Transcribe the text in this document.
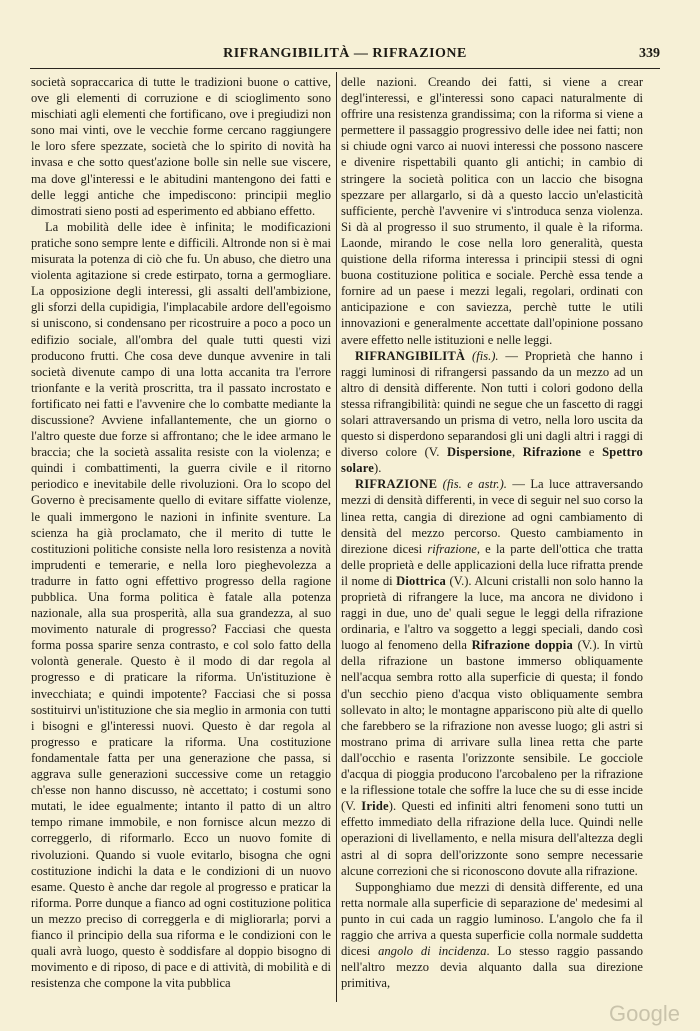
RIFRANGIBILITÀ — RIFRAZIONE	339

società sopraccarica di tutte le tradizioni buone o cattive, ove gli elementi di corruzione e di scioglimento sono mischiati agli elementi che fortificano, ove i pregiudizi non sono mai vinti, ove le vecchie forme cercano raggiungere le loro sfere spezzate, società che lo spirito di novità ha invasa e che sotto quest'azione bolle sin nelle sue viscere, ma dove gl'interessi e le abitudini mantengono dei fatti e delle leggi antiche che impediscono: principii meglio dimostrati sieno posti ad esperimento ed abbiano effetto.

La mobilità delle idee è infinita; le modificazioni pratiche sono sempre lente e difficili. Altronde non si è mai misurata la potenza di ciò che fu. Un abuso, che dietro una violenta agitazione si crede estirpato, torna a germogliare. La opposizione degli interessi, gli assalti dell'ambizione, gli sforzi della cupidigia, l'implacabile ardore dell'egoismo si uniscono, si condensano per ricostruire a poco a poco un edifizio sociale, all'ombra del quale tutti questi vizi producono frutti. Che cosa deve dunque avvenire in tali società divenute campo di una lotta accanita tra l'errore trionfante e la verità proscritta, tra il passato incrostato e fortificato nei fatti e l'avvenire che lo combatte mediante la discussione? Avviene infallantemente, che un giorno o l'altro queste due forze si affrontano; che le idee armano le braccia; che la società assalita resiste con la violenza; e quindi i combattimenti, la guerra civile e il ritorno periodico e inevitabile delle rivoluzioni. Ora lo scopo del Governo è precisamente quello di evitare siffatte violenze, le quali immergono le nazioni in infinite sventure. La scienza ha già proclamato, che il merito di tutte le costituzioni politiche consiste nella loro resistenza a novità imprudenti e temerarie, e nella loro pieghevolezza a tradurre in fatto ogni effettivo progresso della ragione pubblica. Una forma politica è fatale alla potenza nazionale, alla sua prosperità, alla sua grandezza, al suo movimento naturale di progresso? Facciasi che questa forma possa sparire senza contrasto, e col solo fatto della volontà generale. Questo è il modo di dar regola al progresso e di praticare la riforma. Un'istituzione è invecchiata; e quindi impotente? Facciasi che si possa sostituirvi un'istituzione che sia meglio in armonia con tutti i bisogni e gl'interessi nuovi. Questo è dar regola al progresso e praticare la riforma. Una costituzione fondamentale fatta per una generazione che passa, si aggrava sulle generazioni successive come un retaggio ch'esse non hanno discusso, nè accettato; i costumi sono mutati, le idee egualmente; intanto il patto di un altro tempo rimane immobile, e non fornisce alcun mezzo di correggerlo, di riformarlo. Ecco un nuovo fomite di rivoluzioni. Quando si vuole evitarlo, bisogna che ogni costituzione indichi la data e le condizioni di un nuovo esame. Questo è anche dar regole al progresso e praticar la riforma. Porre dunque a fianco ad ogni costituzione politica un mezzo preciso di correggerla e di migliorarla; porvi a fianco il principio della sua riforma e le condizioni con le quali avrà luogo, questo è soddisfare al doppio bisogno di movimento e di riposo, di pace e di attività, di mobilità e di resistenza che compone la vita pubblica

delle nazioni. Creando dei fatti, si viene a crear degl'interessi, e gl'interessi sono capaci naturalmente di offrire una resistenza grandissima; con la riforma si viene a permettere il passaggio progressivo delle idee nei fatti; non si chiude ogni varco ai nuovi interessi che possono nascere e divenire rispettabili quanto gli antichi; in cambio di stringere la società politica con un laccio che bisogna spezzare per allargarlo, si dà a questo laccio un'elasticità sufficiente, perchè l'avvenire vi s'introduca senza violenza. Si dà al progresso il suo strumento, il quale è la riforma. Laonde, mirando le cose nella loro generalità, questa quistione della riforma interessa i principii stessi di ogni buona costituzione politica e sociale. Perchè essa tende a fornire ad un paese i mezzi legali, regolari, ordinati con anticipazione e con saviezza, perchè tutte le utili innovazioni e generalmente accettate dall'opinione possano avere effetto nelle istituzioni e nelle leggi.

RIFRANGIBILITÀ (fis.). — Proprietà che hanno i raggi luminosi di rifrangersi passando da un mezzo ad un altro di densità differente. Non tutti i colori godono della stessa rifrangibilità: quindi ne segue che un fascetto di raggi solari attraversando un prisma di vetro, nella loro uscita da questo si disperdono separandosi gli uni dagli altri i raggi di diverso colore (V. Dispersione, Rifrazione e Spettro solare).

RIFRAZIONE (fis. e astr.). — La luce attraversando mezzi di densità differenti, in vece di seguir nel suo corso la linea retta, cangia di direzione ad ogni cambiamento di densità del mezzo percorso. Questo cambiamento in direzione dicesi rifrazione, e la parte dell'ottica che tratta delle proprietà e delle applicazioni della luce rifratta prende il nome di Diottrica (V.). Alcuni cristalli non solo hanno la proprietà di rifrangere la luce, ma ancora ne dividono i raggi in due, uno de' quali segue le leggi della rifrazione ordinaria, e l'altro va soggetto a leggi speciali, dando così luogo al fenomeno della Rifrazione doppia (V.). In virtù della rifrazione un bastone immerso obliquamente nell'acqua sembra rotto alla superficie di questa; il fondo d'un secchio pieno d'acqua visto obliquamente sembra sollevato in alto; le montagne appariscono più alte di quello che farebbero se la rifrazione non avesse luogo; gli astri si mostrano prima di arrivare sulla linea retta che parte dall'occhio e rasenta l'orizzonte sensibile. Le gocciole d'acqua di pioggia producono l'arcobaleno per la rifrazione e la riflessione totale che soffre la luce che su di esse incide (V. Iride). Questi ed infiniti altri fenomeni sono tutti un effetto immediato della rifrazione della luce. Quindi nelle operazioni di livellamento, e nella misura dell'altezza degli astri al di sopra dell'orizzonte sono sempre necessarie alcune correzioni che si riconoscono dovute alla rifrazione.

Supponghiamo due mezzi di densità differente, ed una retta normale alla superficie di separazione de' medesimi al punto in cui cada un raggio luminoso. L'angolo che fa il raggio che arriva a questa superficie colla normale suddetta dicesi angolo di incidenza. Lo stesso raggio passando nell'altro mezzo devia alquanto dalla sua direzione primitiva,

Google
